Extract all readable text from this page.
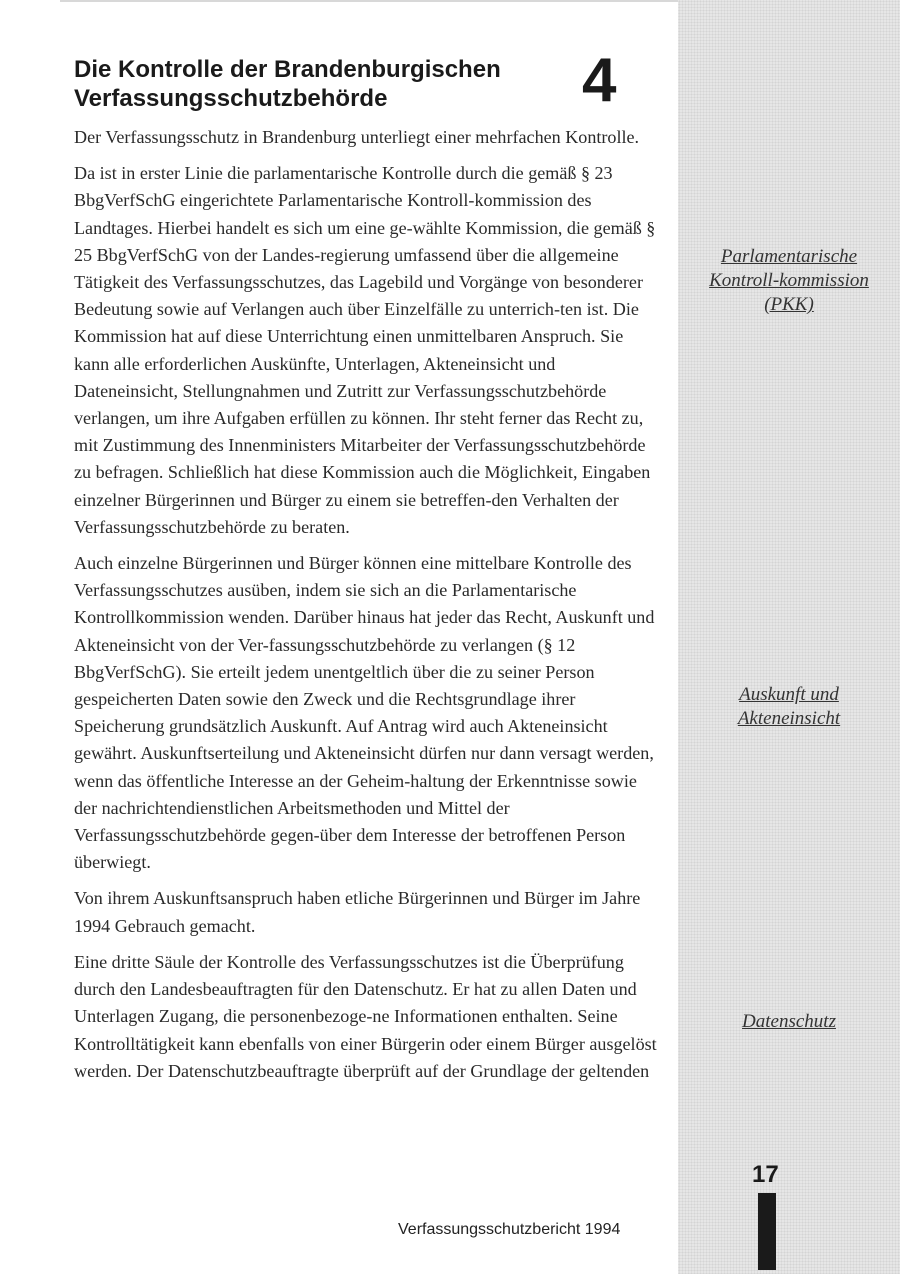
Die Kontrolle der Brandenburgischen
Verfassungsschutzbehörde	4

Der Verfassungsschutz in Brandenburg unterliegt einer mehrfachen Kontrolle.

Da ist in erster Linie die parlamentarische Kontrolle durch die gemäß § 23 BbgVerfSchG eingerichtete Parlamentarische Kontroll-kommission des Landtages. Hierbei handelt es sich um eine ge-wählte Kommission, die gemäß § 25 BbgVerfSchG von der Landes-regierung umfassend über die allgemeine Tätigkeit des Verfassungsschutzes, das Lagebild und Vorgänge von besonderer Bedeutung sowie auf Verlangen auch über Einzelfälle zu unterrich-ten ist. Die Kommission hat auf diese Unterrichtung einen unmittelbaren Anspruch. Sie kann alle erforderlichen Auskünfte, Unterlagen, Akteneinsicht und Dateneinsicht, Stellungnahmen und Zutritt zur Verfassungsschutzbehörde verlangen, um ihre Aufgaben erfüllen zu können. Ihr steht ferner das Recht zu, mit Zustimmung des Innenministers Mitarbeiter der Verfassungsschutzbehörde zu befragen. Schließlich hat diese Kommission auch die Möglichkeit, Eingaben einzelner Bürgerinnen und Bürger zu einem sie betreffen-den Verhalten der Verfassungsschutzbehörde zu beraten.

Auch einzelne Bürgerinnen und Bürger können eine mittelbare Kontrolle des Verfassungsschutzes ausüben, indem sie sich an die Parlamentarische Kontrollkommission wenden. Darüber hinaus hat jeder das Recht, Auskunft und Akteneinsicht von der Ver-fassungsschutzbehörde zu verlangen (§ 12 BbgVerfSchG). Sie erteilt jedem unentgeltlich über die zu seiner Person gespeicherten Daten sowie den Zweck und die Rechtsgrundlage ihrer Speicherung grundsätzlich Auskunft. Auf Antrag wird auch Akteneinsicht gewährt. Auskunftserteilung und Akteneinsicht dürfen nur dann versagt werden, wenn das öffentliche Interesse an der Geheim-haltung der Erkenntnisse sowie der nachrichtendienstlichen Arbeitsmethoden und Mittel der Verfassungsschutzbehörde gegen-über dem Interesse der betroffenen Person überwiegt.

Von ihrem Auskunftsanspruch haben etliche Bürgerinnen und Bürger im Jahre 1994 Gebrauch gemacht.

Eine dritte Säule der Kontrolle des Verfassungsschutzes ist die Überprüfung durch den Landesbeauftragten für den Datenschutz. Er hat zu allen Daten und Unterlagen Zugang, die personenbezoge-ne Informationen enthalten. Seine Kontrolltätigkeit kann ebenfalls von einer Bürgerin oder einem Bürger ausgelöst werden. Der Datenschutzbeauftragte überprüft auf der Grundlage der geltenden

Parlamentarische Kontroll-kommission (PKK)
Auskunft und Akteneinsicht
Datenschutz
17
Verfassungsschutzbericht 1994
